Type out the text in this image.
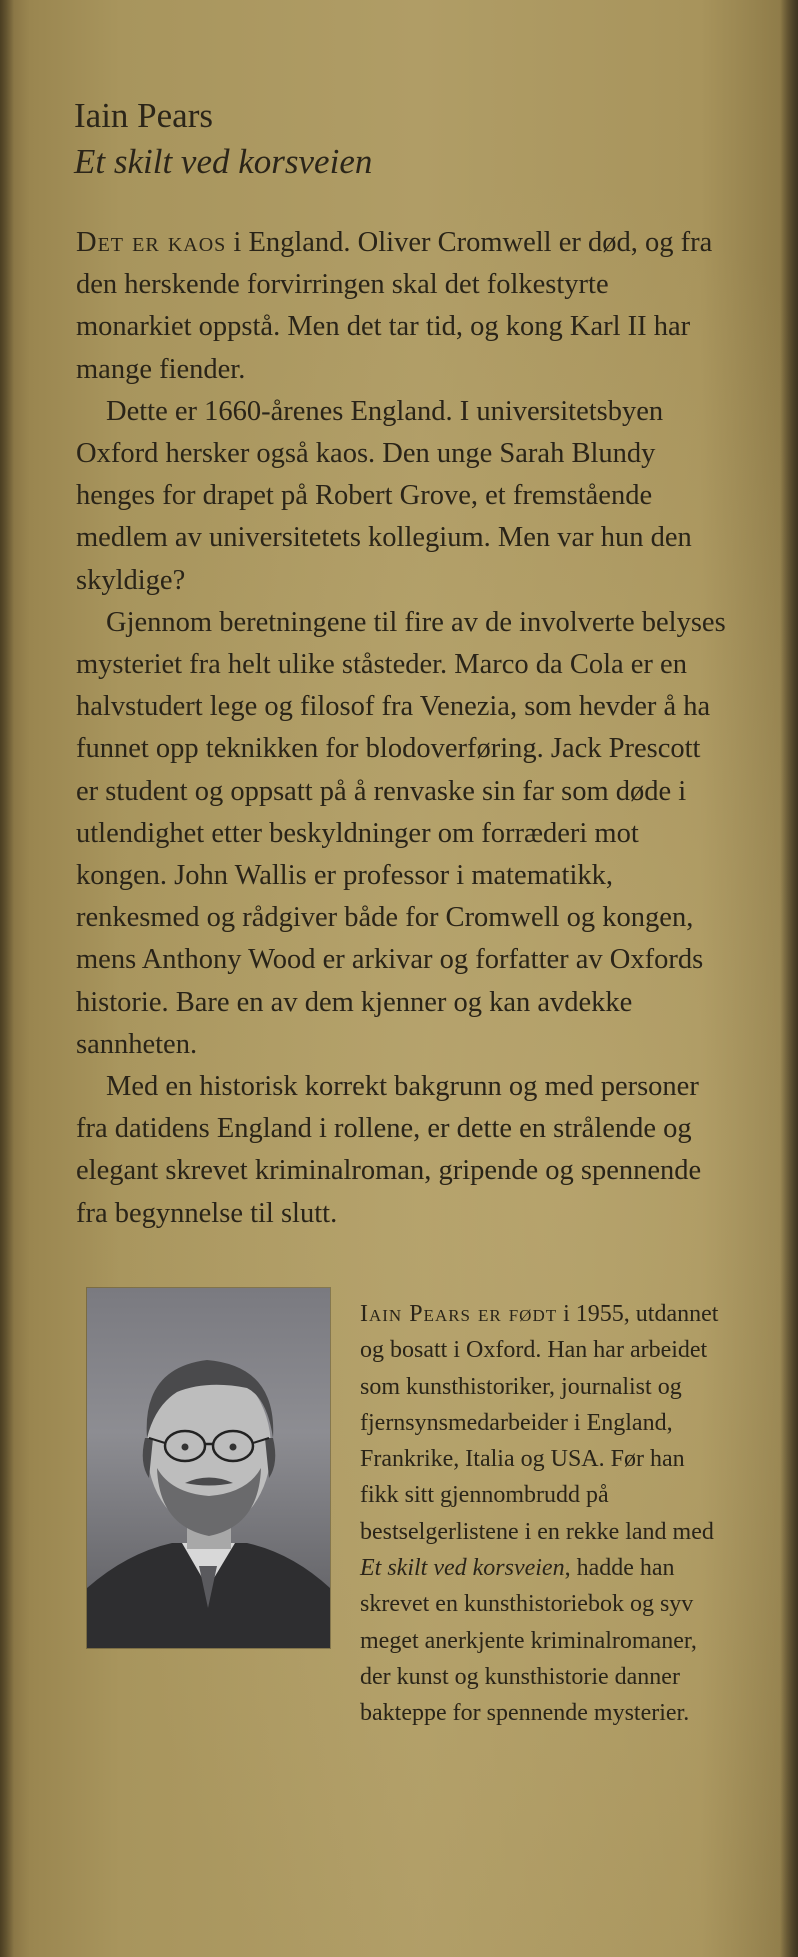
Iain Pears
Et skilt ved korsveien

Det er kaos i England. Oliver Cromwell er død, og fra den herskende forvirringen skal det folkestyrte monarkiet oppstå. Men det tar tid, og kong Karl II har mange fiender.

Dette er 1660-årenes England. I universitetsbyen Oxford hersker også kaos. Den unge Sarah Blundy henges for drapet på Robert Grove, et fremstående medlem av universitetets kollegium. Men var hun den skyldige?

Gjennom beretningene til fire av de involverte belyses mysteriet fra helt ulike ståsteder. Marco da Cola er en halvstudert lege og filosof fra Venezia, som hevder å ha funnet opp teknikken for blodoverføring. Jack Prescott er student og oppsatt på å renvaske sin far som døde i utlendighet etter beskyldninger om forræderi mot kongen. John Wallis er professor i matematikk, renkesmed og rådgiver både for Cromwell og kongen, mens Anthony Wood er arkivar og forfatter av Oxfords historie. Bare en av dem kjenner og kan avdekke sannheten.

Med en historisk korrekt bakgrunn og med personer fra datidens England i rollene, er dette en strålende og elegant skrevet kriminalroman, gripende og spennende fra begynnelse til slutt.

Iain Pears er født i 1955, utdannet og bosatt i Oxford. Han har arbeidet som kunsthistoriker, journalist og fjernsynsmedarbeider i England, Frankrike, Italia og USA. Før han fikk sitt gjennombrudd på bestselgerlistene i en rekke land med Et skilt ved korsveien, hadde han skrevet en kunsthistoriebok og syv meget anerkjente kriminalromaner, der kunst og kunsthistorie danner bakteppe for spennende mysterier.
